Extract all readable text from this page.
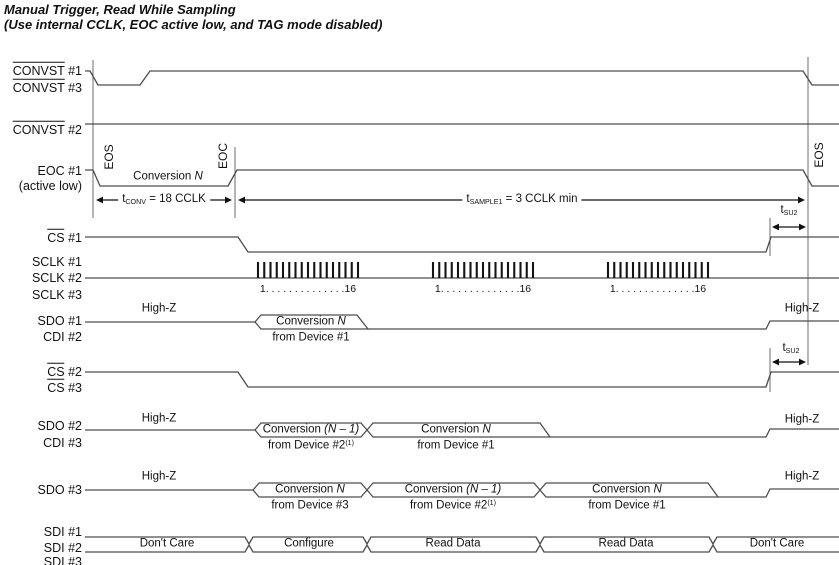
Manual Trigger, Read While Sampling
(Use internal CCLK, EOC active low, and TAG mode disabled)
CONVST #1
CONVST #3
CONVST #2
EOC #1
(active low)
CS #1
SCLK #1
SCLK #2
SCLK #3
SDO #1
CDI #2
CS #2
CS #3
SDO #2
CDI #3
SDO #3
SDI #1
SDI #2
SDI #3
EOS	EOC	EOS
Conversion N
$t_{CONV} = 18$ CCLK	$t_{SAMPLE1} = 3$ CCLK min
$t_{SU2}$
$t_{SU2}$
1. . . . . . . . . . . . . .16	1. . . . . . . . . . . . . .16	1. . . . . . . . . . . . . .16
High-Z	High-Z
Conversion N
from Device #1
High-Z	High-Z
Conversion (N – 1)
from Device #2$^{(1)}$
Conversion N
from Device #1
High-Z	High-Z
Conversion N
from Device #3
Conversion (N – 1)
from Device #2$^{(1)}$
Conversion N
from Device #1
Don't Care	Configure	Read Data	Read Data	Don't Care
